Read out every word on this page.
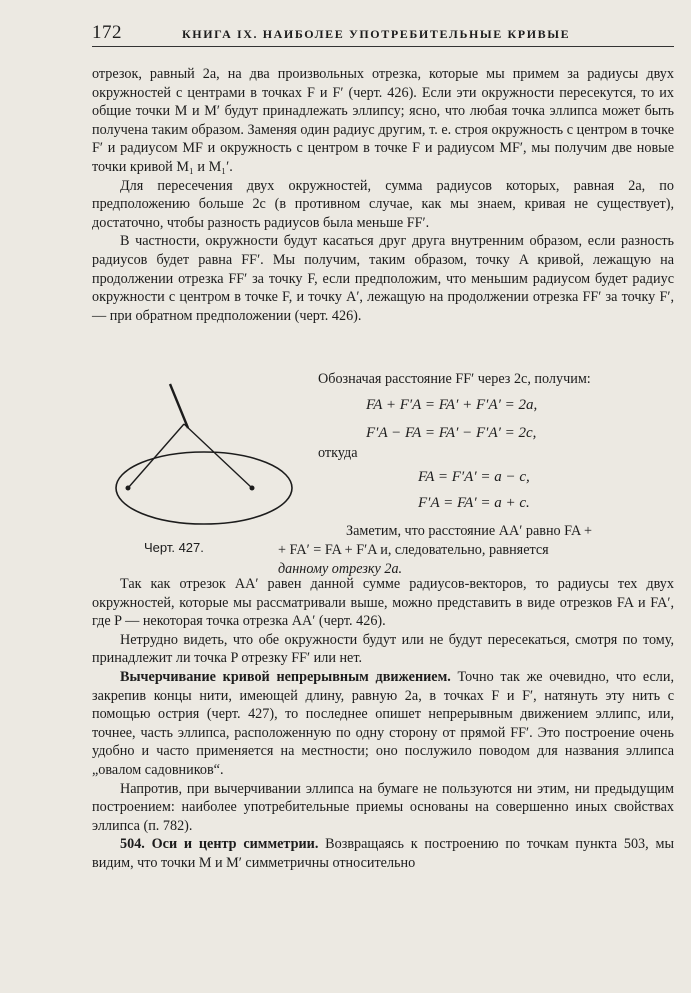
172	КНИГА IX. НАИБОЛЕЕ УПОТРЕБИТЕЛЬНЫЕ КРИВЫЕ

отрезок, равный 2a, на два произвольных отрезка, которые мы примем за радиусы двух окружностей с центрами в точках F и F′ (черт. 426). Если эти окружности пересекутся, то их общие точки M и M′ будут принадлежать эллипсу; ясно, что любая точка эллипса может быть получена таким образом. Заменяя один радиус другим, т. е. строя окружность с центром в точке F′ и радиусом MF и окружность с центром в точке F и радиусом MF′, мы получим две новые точки кривой M₁ и M₁′.

Для пересечения двух окружностей, сумма радиусов которых, равная 2a, по предположению больше 2c (в противном случае, как мы знаем, кривая не существует), достаточно, чтобы разность радиусов была меньше FF′.

В частности, окружности будут касаться друг друга внутренним образом, если разность радиусов будет равна FF′. Мы получим, таким образом, точку A кривой, лежащую на продолжении отрезка FF′ за точку F, если предположим, что меньшим радиусом будет радиус окружности с центром в точке F, и точку A′, лежащую на продолжении отрезка FF′ за точку F′, — при обратном предположении (черт. 426).

Черт. 427.
Обозначая расстояние FF′ через 2c, получим:
FA + F′A = FA′ + F′A′ = 2a,
F′A − FA = FA′ − F′A′ = 2c,
откуда
FA = F′A′ = a − c,
F′A = FA′ = a + c.
Заметим, что расстояние AA′ равно FA +
+ FA′ = FA + F′A и, следовательно, равняется
данному отрезку 2a.

Так как отрезок AA′ равен данной сумме радиусов-векторов, то радиусы тех двух окружностей, которые мы рассматривали выше, можно представить в виде отрезков FA и FA′, где P — некоторая точка отрезка AA′ (черт. 426).

Нетрудно видеть, что обе окружности будут или не будут пересекаться, смотря по тому, принадлежит ли точка P отрезку FF′ или нет.

Вычерчивание кривой непрерывным движением. Точно так же очевидно, что если, закрепив концы нити, имеющей длину, равную 2a, в точках F и F′, натянуть эту нить с помощью острия (черт. 427), то последнее опишет непрерывным движением эллипс, или, точнее, часть эллипса, расположенную по одну сторону от прямой FF′. Это построение очень удобно и часто применяется на местности; оно послужило поводом для названия эллипса „овалом садовников“.

Напротив, при вычерчивании эллипса на бумаге не пользуются ни этим, ни предыдущим построением: наиболее употребительные приемы основаны на совершенно иных свойствах эллипса (п. 782).

504. Оси и центр симметрии. Возвращаясь к построению по точкам пункта 503, мы видим, что точки M и M′ симметричны относительно
